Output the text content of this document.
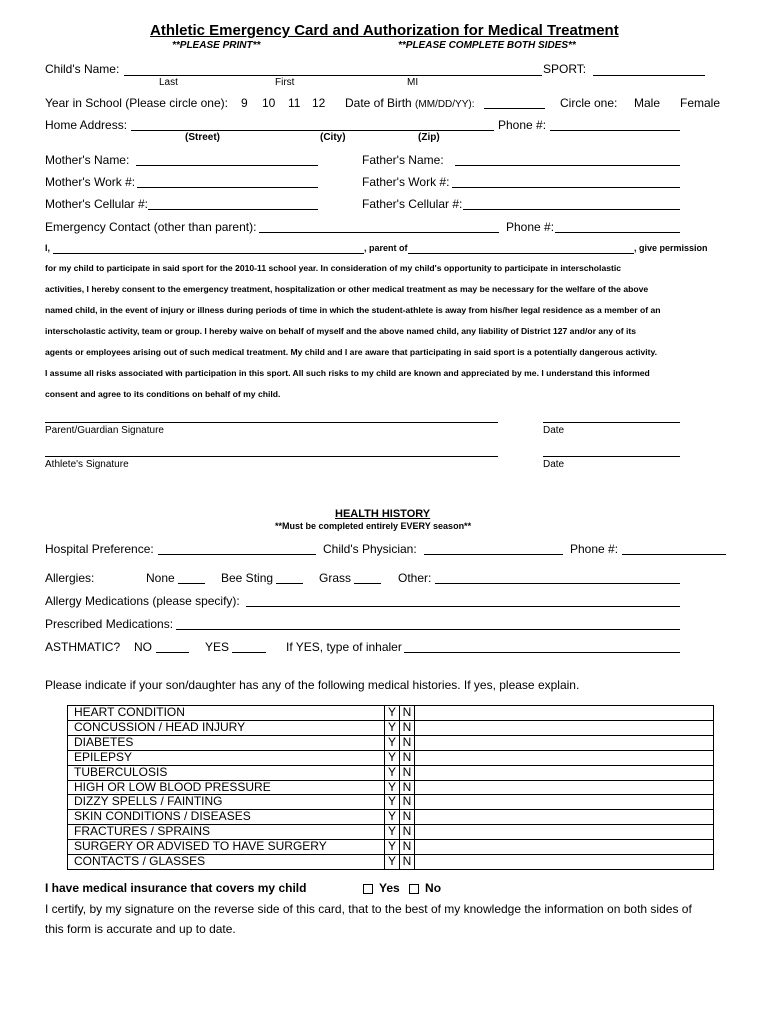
Athletic Emergency Card and Authorization for Medical Treatment
**PLEASE PRINT**	**PLEASE COMPLETE BOTH SIDES**
Child's Name:	SPORT:
Last	First	MI
Year in School (Please circle one): 9 10 11 12 Date of Birth (MM/DD/YY):	Circle one: Male Female
Home Address:	Phone #:
(Street)	(City)	(Zip)
Mother's Name:	Father's Name:
Mother's Work #:	Father's Work #:
Mother's Cellular #:	Father's Cellular #:
Emergency Contact (other than parent):	Phone #:
I,	, parent of	, give permission

for my child to participate in said sport for the 2010-11 school year. In consideration of my child's opportunity to participate in interscholastic

activities, I hereby consent to the emergency treatment, hospitalization or other medical treatment as may be necessary for the welfare of the above

named child, in the event of injury or illness during periods of time in which the student-athlete is away from his/her legal residence as a member of an

interscholastic activity, team or group. I hereby waive on behalf of myself and the above named child, any liability of District 127 and/or any of its

agents or employees arising out of such medical treatment. My child and I are aware that participating in said sport is a potentially dangerous activity.

I assume all risks associated with participation in this sport. All such risks to my child are known and appreciated by me. I understand this informed

consent and agree to its conditions on behalf of my child.

Parent/Guardian Signature	Date
Athlete's Signature	Date
HEALTH HISTORY
**Must be completed entirely EVERY season**
Hospital Preference:	Child's Physician:	Phone #:
Allergies:	None	Bee Sting	Grass	Other:
Allergy Medications (please specify):
Prescribed Medications:
ASTHMATIC? NO	YES	If YES, type of inhaler
Please indicate if your son/daughter has any of the following medical histories. If yes, please explain.
HEART CONDITION	Y	N	
CONCUSSION / HEAD INJURY	Y	N	
DIABETES	Y	N	
EPILEPSY	Y	N	
TUBERCULOSIS	Y	N	
HIGH OR LOW BLOOD PRESSURE	Y	N	
DIZZY SPELLS / FAINTING	Y	N	
SKIN CONDITIONS / DISEASES	Y	N	
FRACTURES / SPRAINS	Y	N	
SURGERY OR ADVISED TO HAVE SURGERY	Y	N	
CONTACTS / GLASSES	Y	N	
I have medical insurance that covers my child	Yes No
I certify, by my signature on the reverse side of this card, that to the best of my knowledge the information on both sides of
this form is accurate and up to date.
